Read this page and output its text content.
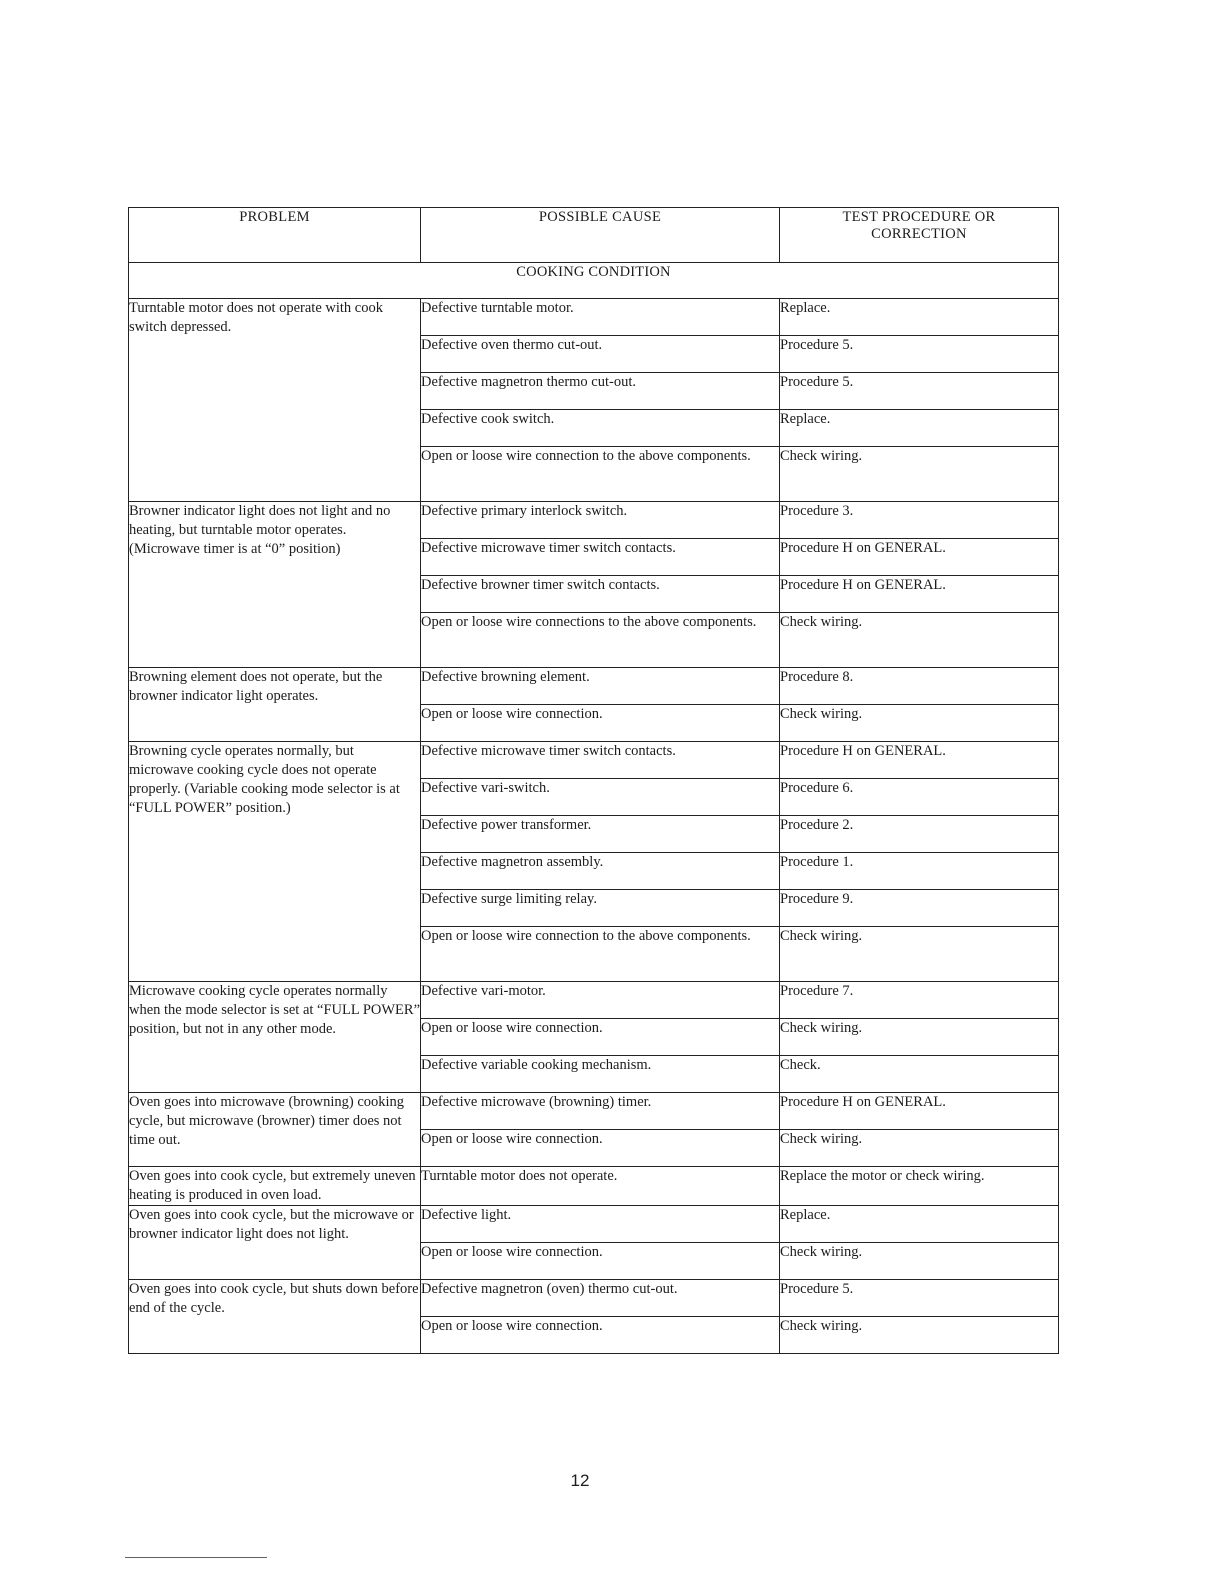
PROBLEM	POSSIBLE CAUSE	TEST PROCEDURE OR
CORRECTION

COOKING CONDITION		
Turntable motor does not operate with cook switch depressed.	Defective turntable motor.	Replace.
	Defective oven thermo cut-out.	Procedure 5.
	Defective magnetron thermo cut-out.	Procedure 5.
	Defective cook switch.	Replace.
	Open or loose wire connection to the above components.	Check wiring.
Browner indicator light does not light and no heating, but turntable motor operates. (Microwave timer is at “0” position)	Defective primary interlock switch.	Procedure 3.
	Defective microwave timer switch contacts.	Procedure H on GENERAL.
	Defective browner timer switch contacts.	Procedure H on GENERAL.
	Open or loose wire connections to the above components.	Check wiring.
Browning element does not operate, but the browner indicator light operates.	Defective browning element.	Procedure 8.
	Open or loose wire connection.	Check wiring.
Browning cycle operates normally, but microwave cooking cycle does not operate properly. (Variable cooking mode selector is at “FULL POWER” position.)	Defective microwave timer switch contacts.	Procedure H on GENERAL.
	Defective vari-switch.	Procedure 6.
	Defective power transformer.	Procedure 2.
	Defective magnetron assembly.	Procedure 1.
	Defective surge limiting relay.	Procedure 9.
	Open or loose wire connection to the above components.	Check wiring.
Microwave cooking cycle operates normally when the mode selector is set at “FULL POWER” position, but not in any other mode.	Defective vari-motor.	Procedure 7.
	Open or loose wire connection.	Check wiring.
	Defective variable cooking mechanism.	Check.
Oven goes into microwave (browning) cooking cycle, but microwave (browner) timer does not time out.	Defective microwave (browning) timer.	Procedure H on GENERAL.
	Open or loose wire connection.	Check wiring.
Oven goes into cook cycle, but extremely uneven heating is produced in oven load.	Turntable motor does not operate.	Replace the motor or check wiring.
Oven goes into cook cycle, but the microwave or browner indicator light does not light.	Defective light.	Replace.
	Open or loose wire connection.	Check wiring.
Oven goes into cook cycle, but shuts down before end of the cycle.	Defective magnetron (oven) thermo cut-out.	Procedure 5.
	Open or loose wire connection.	Check wiring.
12
